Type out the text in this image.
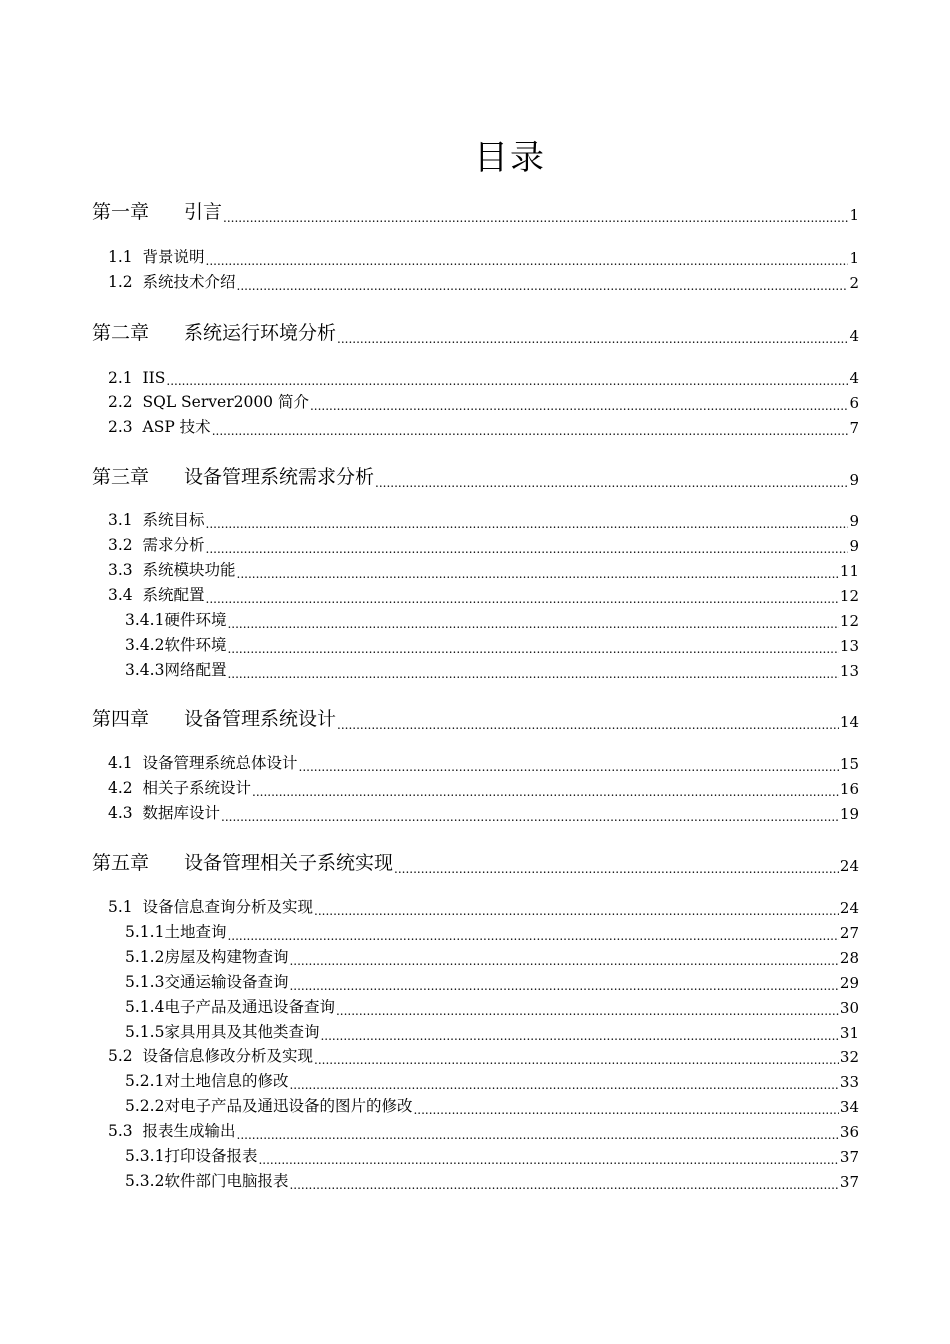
目录
第一章 引言 .....	1
1.1 背景说明 .....	1
1.2 系统技术介绍 .....	2
第二章 系统运行环境分析 .....	4
2.1 IIS .....	4
2.2 SQL Server2000 简介 .....	6
2.3 ASP 技术 .....	7
第三章 设备管理系统需求分析 .....	9
3.1 系统目标 .....	9
3.2 需求分析 .....	9
3.3 系统模块功能 .....	11
3.4 系统配置 .....	12
3.4.1硬件环境 .....	12
3.4.2软件环境 .....	13
3.4.3网络配置 .....	13
第四章 设备管理系统设计 .....	14
4.1 设备管理系统总体设计 .....	15
4.2 相关子系统设计 .....	16
4.3 数据库设计 .....	19
第五章 设备管理相关子系统实现 .....	24
5.1 设备信息查询分析及实现 .....	24
5.1.1土地查询 .....	27
5.1.2房屋及构建物查询 .....	28
5.1.3交通运输设备查询 .....	29
5.1.4电子产品及通迅设备查询 .....	30
5.1.5家具用具及其他类查询 .....	31
5.2 设备信息修改分析及实现 .....	32
5.2.1对土地信息的修改 .....	33
5.2.2对电子产品及通迅设备的图片的修改 .....	34
5.3 报表生成输出 .....	36
5.3.1打印设备报表 .....	37
5.3.2软件部门电脑报表 .....	37
